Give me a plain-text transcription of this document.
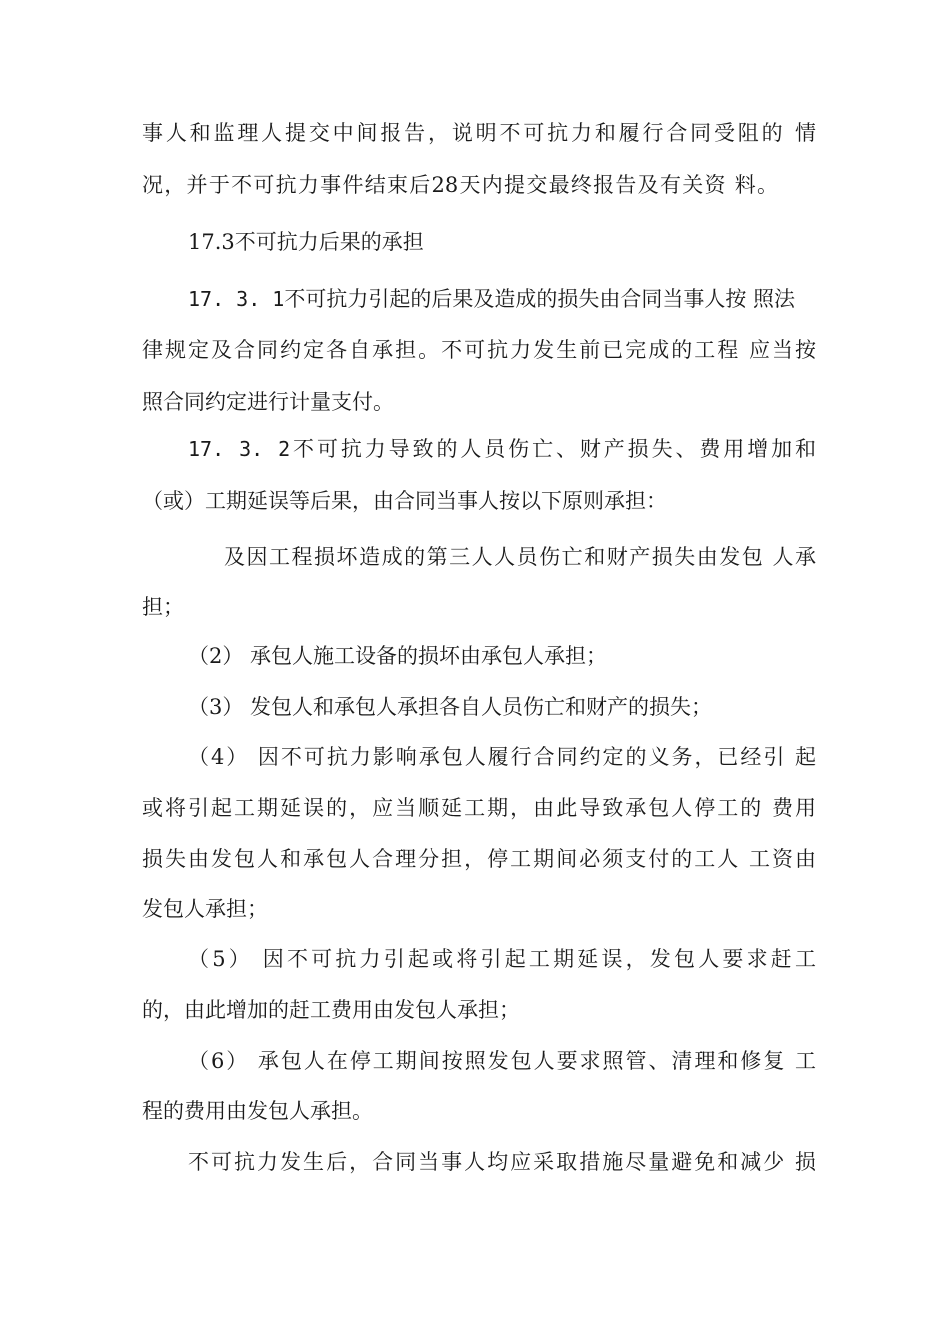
事人和监理人提交中间报告，说明不可抗力和履行合同受阻的 情
况，并于不可抗力事件结束后28天内提交最终报告及有关资 料。
17.3不可抗力后果的承担
17. 3. 1不可抗力引起的后果及造成的损失由合同当事人按 照法
律规定及合同约定各自承担。不可抗力发生前已完成的工程 应当按
照合同约定进行计量支付。
17. 3. 2不可抗力导致的人员伤亡、财产损失、费用增加和
（或）工期延误等后果，由合同当事人按以下原则承担：
及因工程损坏造成的第三人人员伤亡和财产损失由发包 人承
担；
（2） 承包人施工设备的损坏由承包人承担；
（3） 发包人和承包人承担各自人员伤亡和财产的损失；
（4） 因不可抗力影响承包人履行合同约定的义务，已经引 起
或将引起工期延误的，应当顺延工期，由此导致承包人停工的 费用
损失由发包人和承包人合理分担，停工期间必须支付的工人 工资由
发包人承担；
（5） 因不可抗力引起或将引起工期延误，发包人要求赶工
的，由此增加的赶工费用由发包人承担；
（6） 承包人在停工期间按照发包人要求照管、清理和修复 工
程的费用由发包人承担。
不可抗力发生后，合同当事人均应采取措施尽量避免和减少 损
